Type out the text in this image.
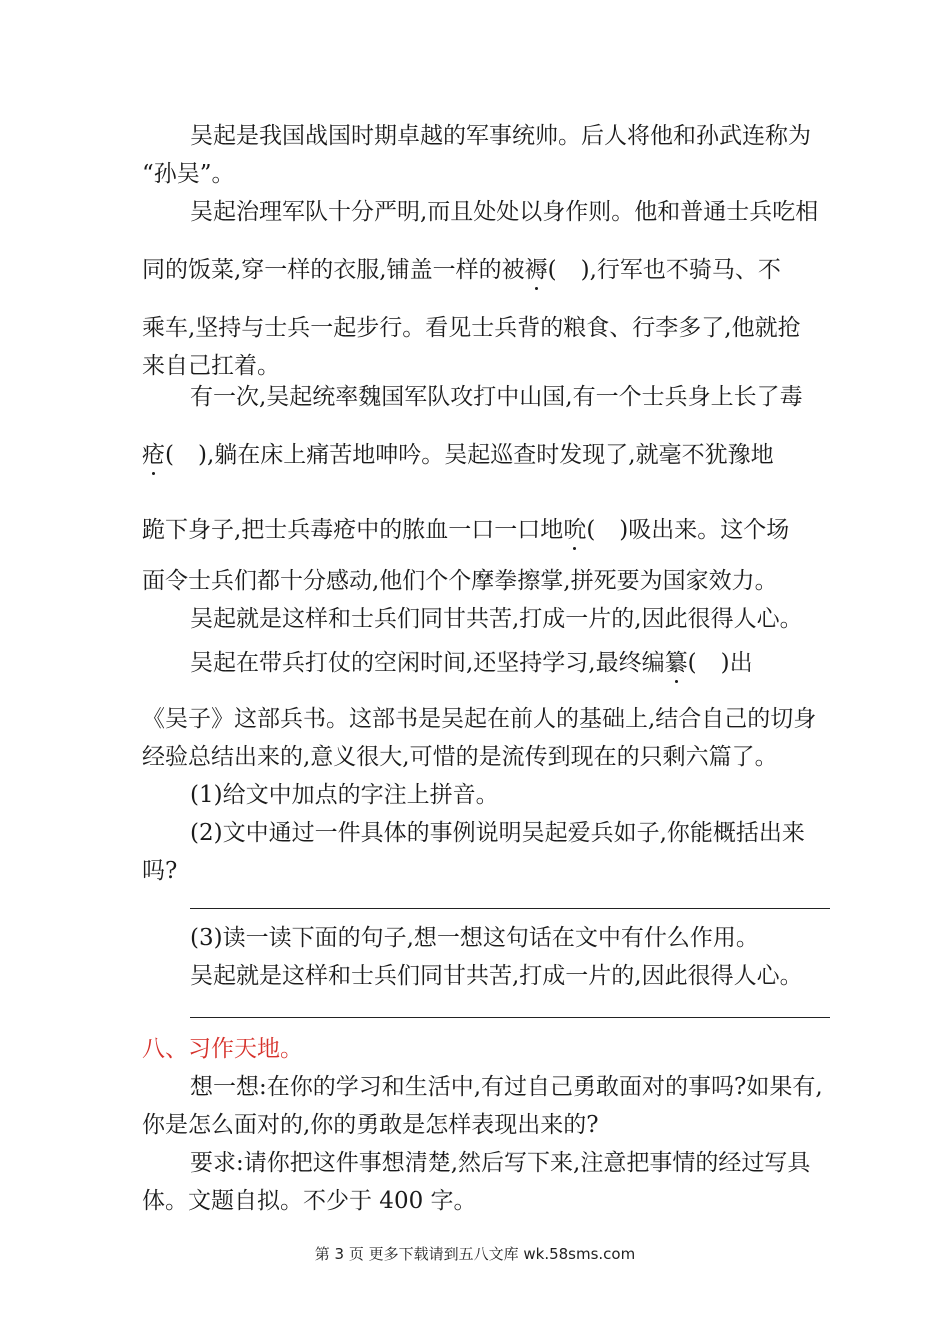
吴起是我国战国时期卓越的军事统帅。后人将他和孙武连称为

“孙吴”。

吴起治理军队十分严明,而且处处以身作则。他和普通士兵吃相

同的饭菜,穿一样的衣服,铺盖一样的被褥( ),行军也不骑马、不

乘车,坚持与士兵一起步行。看见士兵背的粮食、行李多了,他就抢

来自己扛着。

有一次,吴起统率魏国军队攻打中山国,有一个士兵身上长了毒

疮( ),躺在床上痛苦地呻吟。吴起巡查时发现了,就毫不犹豫地

跪下身子,把士兵毒疮中的脓血一口一口地吮( )吸出来。这个场

面令士兵们都十分感动,他们个个摩拳擦掌,拼死要为国家效力。

吴起就是这样和士兵们同甘共苦,打成一片的,因此很得人心。

吴起在带兵打仗的空闲时间,还坚持学习,最终编纂( )出

《吴子》这部兵书。这部书是吴起在前人的基础上,结合自己的切身

经验总结出来的,意义很大,可惜的是流传到现在的只剩六篇了。

(1)给文中加点的字注上拼音。

(2)文中通过一件具体的事例说明吴起爱兵如子,你能概括出来

吗?

(3)读一读下面的句子,想一想这句话在文中有什么作用。

吴起就是这样和士兵们同甘共苦,打成一片的,因此很得人心。

八、习作天地。

想一想:在你的学习和生活中,有过自己勇敢面对的事吗?如果有,

你是怎么面对的,你的勇敢是怎样表现出来的?

要求:请你把这件事想清楚,然后写下来,注意把事情的经过写具

体。文题自拟。不少于 400 字。

第 3 页 更多下载请到五八文库 wk.58sms.com
